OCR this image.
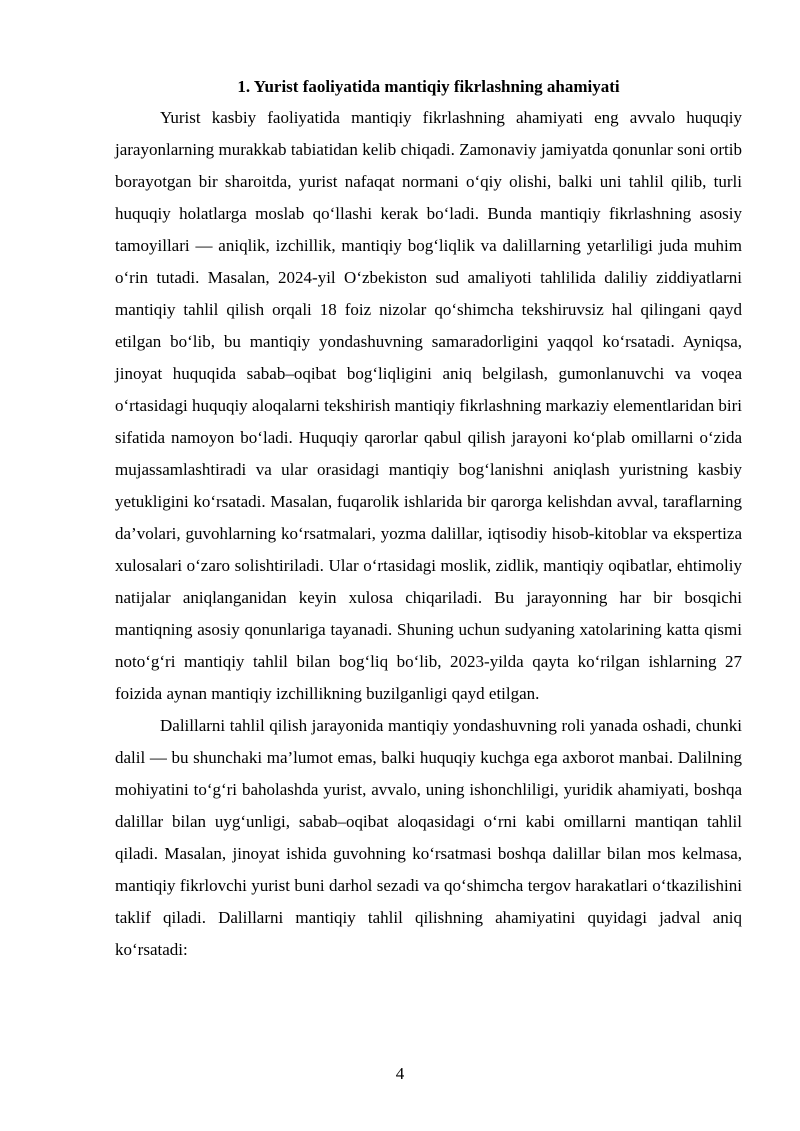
1. Yurist faoliyatida mantiqiy fikrlashning ahamiyati

Yurist kasbiy faoliyatida mantiqiy fikrlashning ahamiyati eng avvalo huquqiy jarayonlarning murakkab tabiatidan kelib chiqadi. Zamonaviy jamiyatda qonunlar soni ortib borayotgan bir sharoitda, yurist nafaqat normani o‘qiy olishi, balki uni tahlil qilib, turli huquqiy holatlarga moslab qo‘llashi kerak bo‘ladi. Bunda mantiqiy fikrlashning asosiy tamoyillari — aniqlik, izchillik, mantiqiy bog‘liqlik va dalillarning yetarliligi juda muhim o‘rin tutadi. Masalan, 2024-yil O‘zbekiston sud amaliyoti tahlilida daliliy ziddiyatlarni mantiqiy tahlil qilish orqali 18 foiz nizolar qo‘shimcha tekshiruvsiz hal qilingani qayd etilgan bo‘lib, bu mantiqiy yondashuvning samaradorligini yaqqol ko‘rsatadi. Ayniqsa, jinoyat huquqida sabab–oqibat bog‘liqligini aniq belgilash, gumonlanuvchi va voqea o‘rtasidagi huquqiy aloqalarni tekshirish mantiqiy fikrlashning markaziy elementlaridan biri sifatida namoyon bo‘ladi. Huquqiy qarorlar qabul qilish jarayoni ko‘plab omillarni o‘zida mujassamlashtiradi va ular orasidagi mantiqiy bog‘lanishni aniqlash yuristning kasbiy yetukligini ko‘rsatadi. Masalan, fuqarolik ishlarida bir qarorga kelishdan avval, taraflarning da’volari, guvohlarning ko‘rsatmalari, yozma dalillar, iqtisodiy hisob-kitoblar va ekspertiza xulosalari o‘zaro solishtiriladi. Ular o‘rtasidagi moslik, zidlik, mantiqiy oqibatlar, ehtimoliy natijalar aniqlanganidan keyin xulosa chiqariladi. Bu jarayonning har bir bosqichi mantiqning asosiy qonunlariga tayanadi. Shuning uchun sudyaning xatolarining katta qismi noto‘g‘ri mantiqiy tahlil bilan bog‘liq bo‘lib, 2023-yilda qayta ko‘rilgan ishlarning 27 foizida aynan mantiqiy izchillikning buzilganligi qayd etilgan.

Dalillarni tahlil qilish jarayonida mantiqiy yondashuvning roli yanada oshadi, chunki dalil — bu shunchaki ma’lumot emas, balki huquqiy kuchga ega axborot manbai. Dalilning mohiyatini to‘g‘ri baholashda yurist, avvalo, uning ishonchliligi, yuridik ahamiyati, boshqa dalillar bilan uyg‘unligi, sabab–oqibat aloqasidagi o‘rni kabi omillarni mantiqan tahlil qiladi. Masalan, jinoyat ishida guvohning ko‘rsatmasi boshqa dalillar bilan mos kelmasa, mantiqiy fikrlovchi yurist buni darhol sezadi va qo‘shimcha tergov harakatlari o‘tkazilishini taklif qiladi. Dalillarni mantiqiy tahlil qilishning ahamiyatini quyidagi jadval aniq ko‘rsatadi:

4
